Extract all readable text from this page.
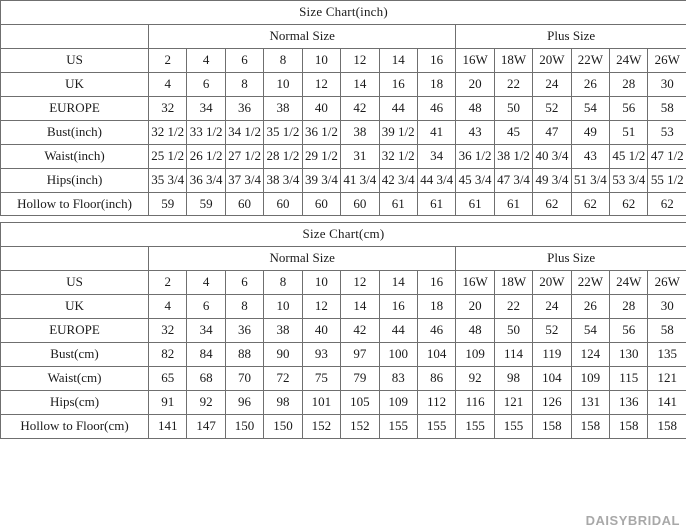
Size Chart(inch)														
	Normal Size								Plus Size					
US	2	4	6	8	10	12	14	16	16W	18W	20W	22W	24W	26W
UK	4	6	8	10	12	14	16	18	20	22	24	26	28	30
EUROPE	32	34	36	38	40	42	44	46	48	50	52	54	56	58
Bust(inch)	32 1/2	33 1/2	34 1/2	35 1/2	36 1/2	38	39 1/2	41	43	45	47	49	51	53
Waist(inch)	25 1/2	26 1/2	27 1/2	28 1/2	29 1/2	31	32 1/2	34	36 1/2	38 1/2	40 3/4	43	45 1/2	47 1/2
Hips(inch)	35 3/4	36 3/4	37 3/4	38 3/4	39 3/4	41 3/4	42 3/4	44 3/4	45 3/4	47 3/4	49 3/4	51 3/4	53 3/4	55 1/2
Hollow to Floor(inch)	59	59	60	60	60	60	61	61	61	61	62	62	62	62
Size Chart(cm)														
	Normal Size								Plus Size					
US	2	4	6	8	10	12	14	16	16W	18W	20W	22W	24W	26W
UK	4	6	8	10	12	14	16	18	20	22	24	26	28	30
EUROPE	32	34	36	38	40	42	44	46	48	50	52	54	56	58
Bust(cm)	82	84	88	90	93	97	100	104	109	114	119	124	130	135
Waist(cm)	65	68	70	72	75	79	83	86	92	98	104	109	115	121
Hips(cm)	91	92	96	98	101	105	109	112	116	121	126	131	136	141
Hollow to Floor(cm)	141	147	150	150	152	152	155	155	155	155	158	158	158	158
DAISYBRIDAL
